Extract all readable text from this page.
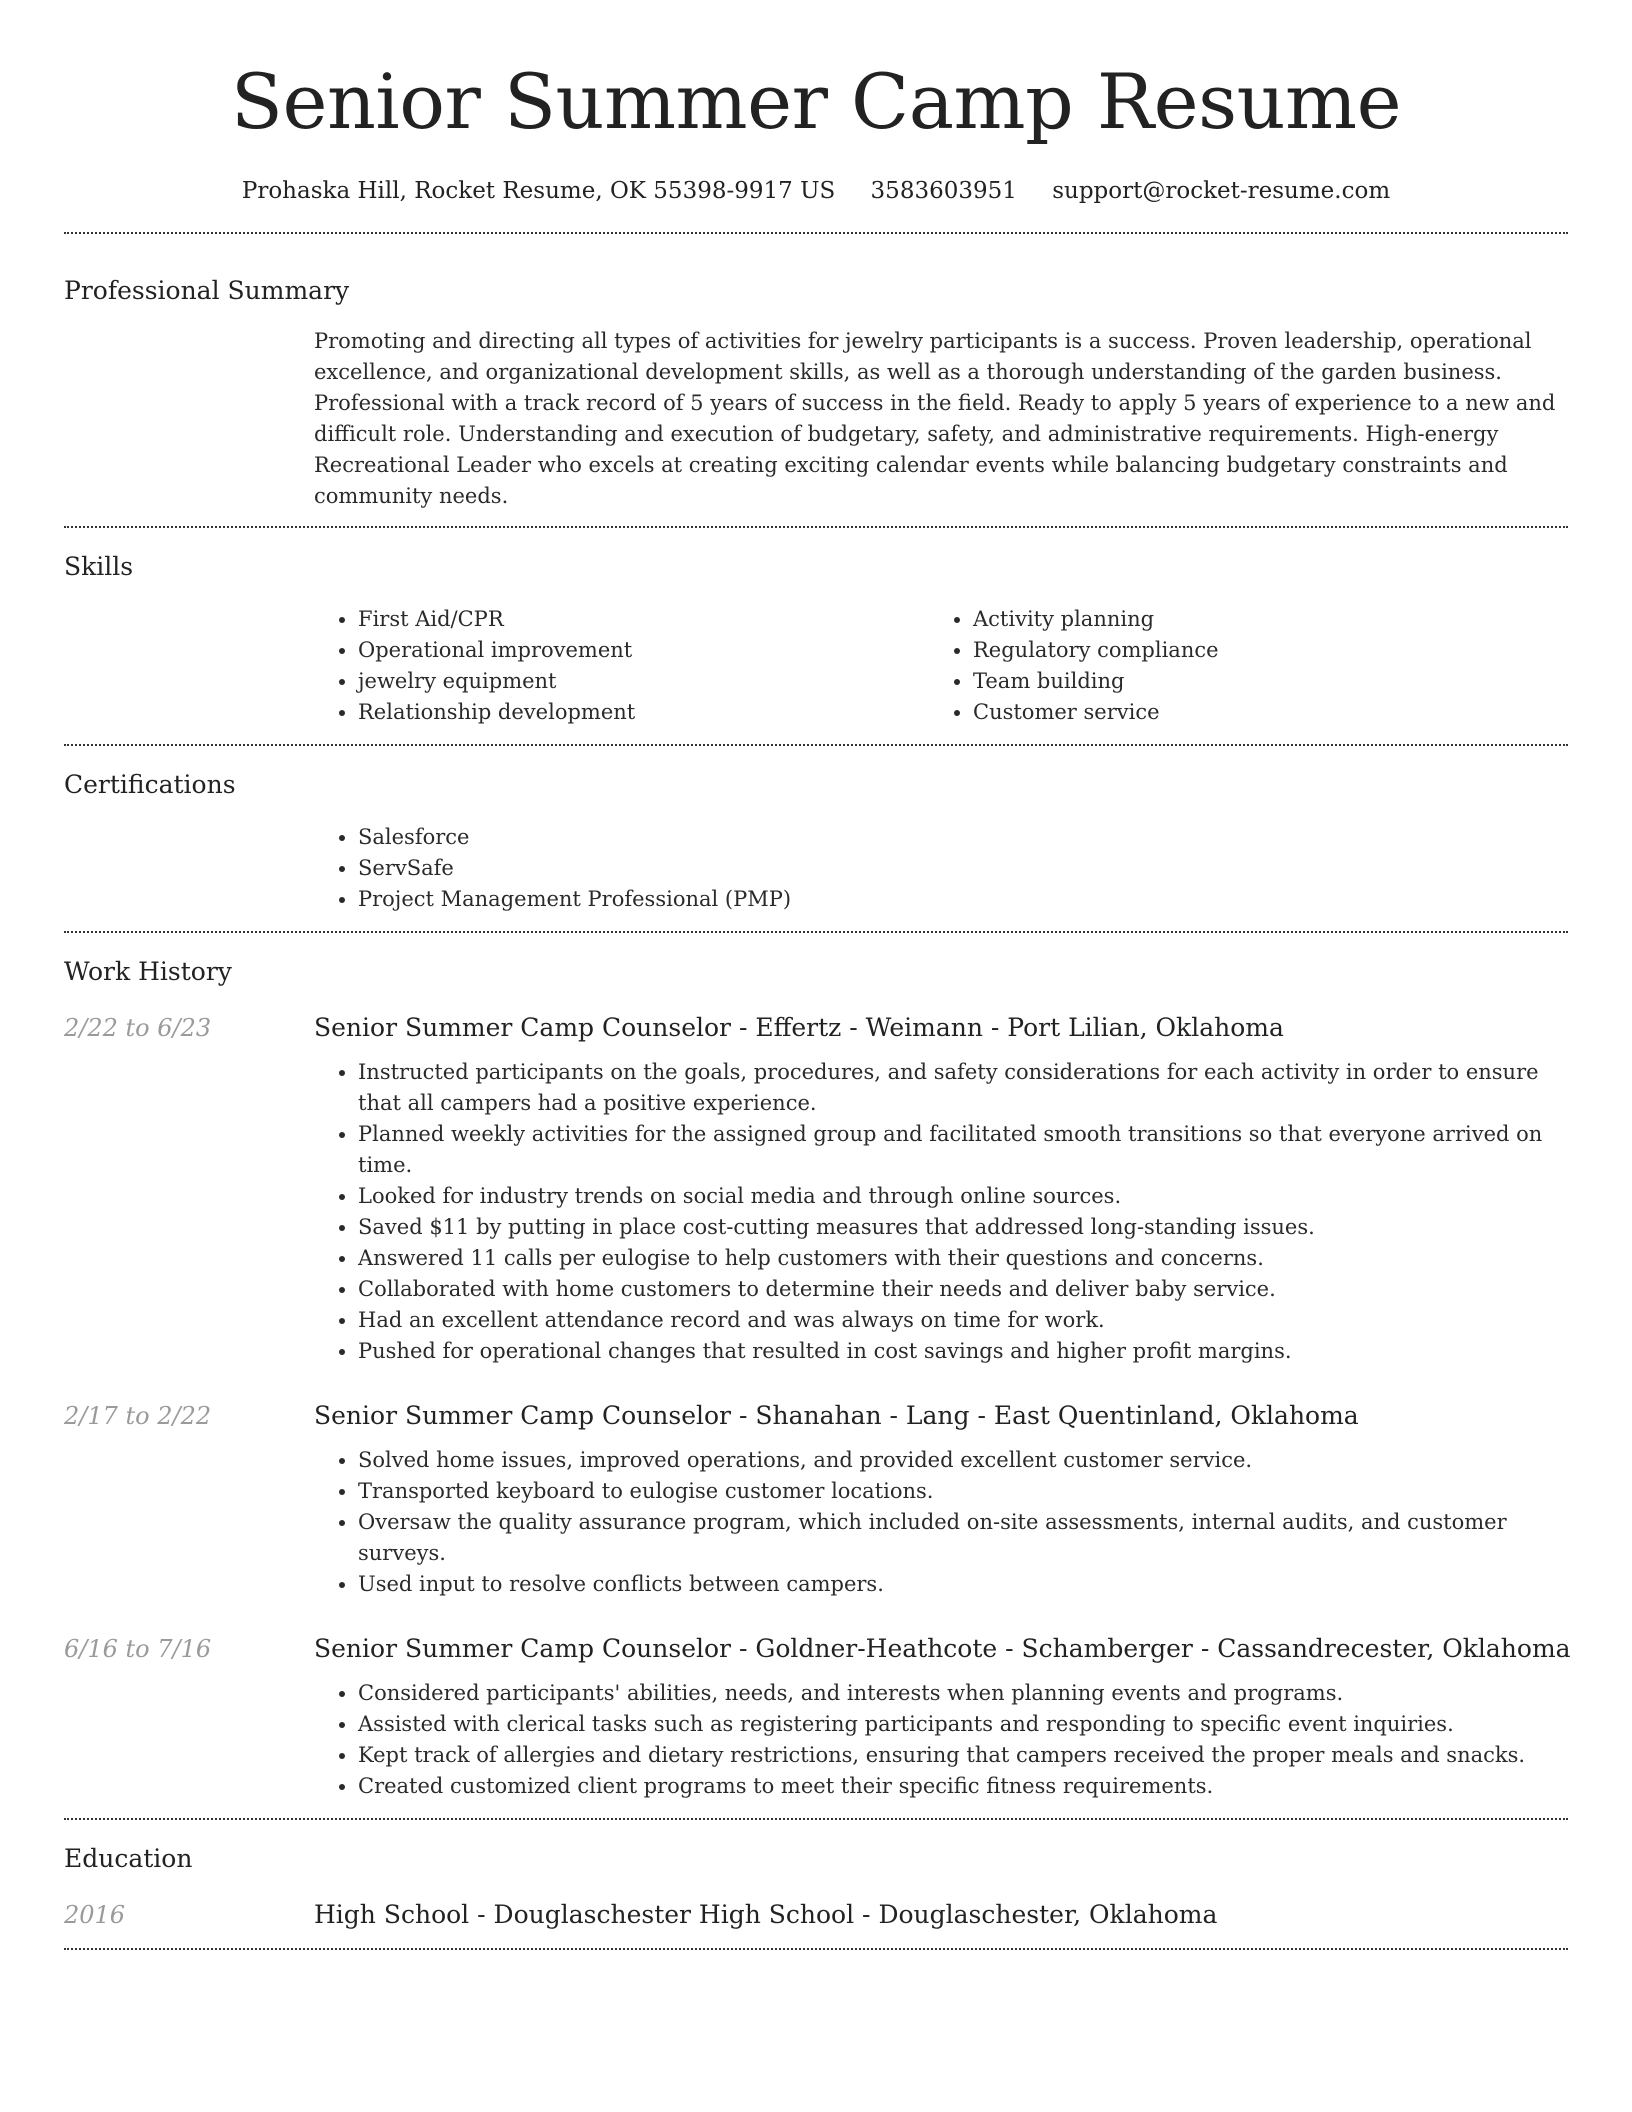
Senior Summer Camp Resume
Prohaska Hill, Rocket Resume, OK 55398-9917 US 3583603951 support@rocket-resume.com
Professional Summary

Promoting and directing all types of activities for jewelry participants is a success. Proven leadership, operational excellence, and organizational development skills, as well as a thorough understanding of the garden business. Professional with a track record of 5 years of success in the field. Ready to apply 5 years of experience to a new and difficult role. Understanding and execution of budgetary, safety, and administrative requirements. High-energy Recreational Leader who excels at creating exciting calendar events while balancing budgetary constraints and community needs.

Skills
• First Aid/CPR
• Operational improvement
• jewelry equipment
• Relationship development
• Activity planning
• Regulatory compliance
• Team building
• Customer service
Certifications
• Salesforce
• ServSafe
• Project Management Professional (PMP)
Work History
2/22 to 6/23	Senior Summer Camp Counselor - Effertz - Weimann - Port Lilian, Oklahoma
• Instructed participants on the goals, procedures, and safety considerations for each activity in order to ensure that all campers had a positive experience.
• Planned weekly activities for the assigned group and facilitated smooth transitions so that everyone arrived on time.
• Looked for industry trends on social media and through online sources.
• Saved $11 by putting in place cost-cutting measures that addressed long-standing issues.
• Answered 11 calls per eulogise to help customers with their questions and concerns.
• Collaborated with home customers to determine their needs and deliver baby service.
• Had an excellent attendance record and was always on time for work.
• Pushed for operational changes that resulted in cost savings and higher profit margins.
2/17 to 2/22	Senior Summer Camp Counselor - Shanahan - Lang - East Quentinland, Oklahoma
• Solved home issues, improved operations, and provided excellent customer service.
• Transported keyboard to eulogise customer locations.
• Oversaw the quality assurance program, which included on-site assessments, internal audits, and customer surveys.
• Used input to resolve conflicts between campers.
6/16 to 7/16	Senior Summer Camp Counselor - Goldner-Heathcote - Schamberger - Cassandrecester, Oklahoma
• Considered participants' abilities, needs, and interests when planning events and programs.
• Assisted with clerical tasks such as registering participants and responding to specific event inquiries.
• Kept track of allergies and dietary restrictions, ensuring that campers received the proper meals and snacks.
• Created customized client programs to meet their specific fitness requirements.
Education
2016	High School - Douglaschester High School - Douglaschester, Oklahoma
